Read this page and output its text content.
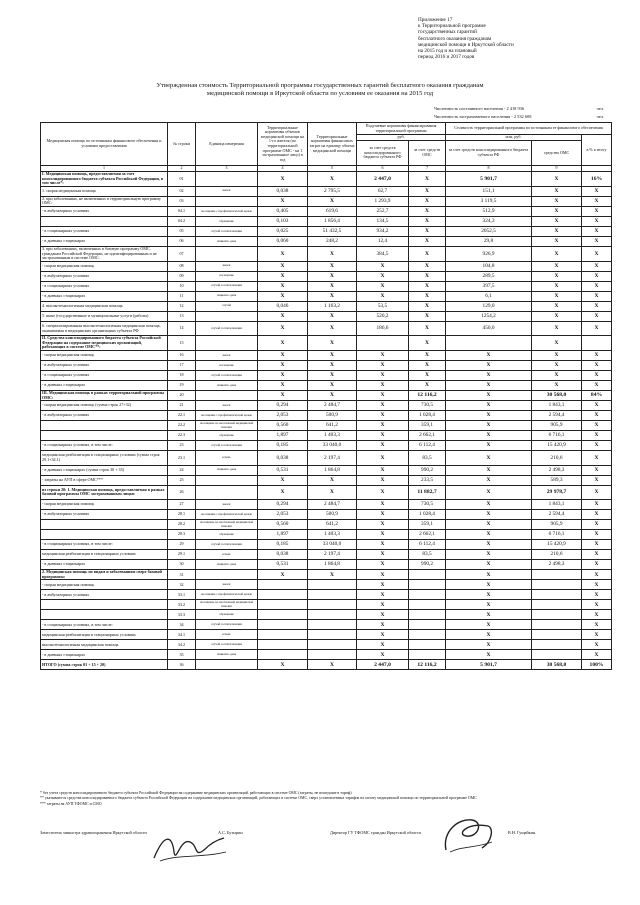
Приложение 17
к Территориальной программе
государственных гарантий
бесплатного оказания гражданам
медицинской помощи в Иркутской области
на 2015 год и на плановый
период 2016 и 2017 годов
Утвержденная стоимость Территориальной программы государственных гарантий бесплатного оказания гражданам
медицинской помощи в Иркутской области по условиям ее оказания на 2015 год
Численность постоянного населения - 2 418 936	чел.
Численность застрахованного населения - 2 532 608	чел.
Медицинская помощь по источникам финансового обеспечения и условиям предоставления	№ строки	Единица измерения	Территориальные нормативы объемов медицинской помощи на 1-го жителя (по территориальной программе ОМС - на 1 застрахованное лицо) в год	Территориальные нормативы финансовых затрат на единицу объема медицинской помощи	Подушевые нормативы финансирования территориальной программы		Стоимость территориальной программы по источникам ее финансового обеспечения		
					руб.		млн. руб.		в % к итогу
					за счет средств консолидированного бюджета субъекта РФ	за счет средств ОМС	за счет средств консолидированного бюджета субъекта РФ	средства ОМС	
1	2	3	4	5	6	7	8	9	
I. Медицинская помощь, предоставляемая за счет консолидированного бюджета субъекта Российской Федерации, в том числе*:	01		X	X	2 447,0	X	5 901,7	X	16%
1. скорая медицинская помощь	02	вызов	0,038	2 795,5	62,7	X	151,1	X	X
2. при заболеваниях, не включенных в территориальную программу ОМС:	03		X	X	1 293,9	X	3 119,5	X	X
- в амбулаторных условиях	04.1	посещение с профилактической целью	0,405	619,6	252,7	X	512,9	X	X
	04.2	обращение	0,103	1 856,4	134,5	X	324,3	X	X
- в стационарных условиях	05	случай госпитализации	0,025	51 432,5	934,2	X	2052,5	X	X
- в дневных стационарах	06	пациенто-день	0,060	248,2	12,4	X	29,8	X	X
3. при заболеваниях, включенных в базовую программу ОМС, гражданам Российской Федерации, не идентифицированным и не застрахованным в системе ОМС:	07		X	X	384,5	X	926,9	X	X
- скорая медицинская помощь	08	вызов	X	X	X	X	104,8	X	X
- в амбулаторных условиях	09	посещение	X	X	X	X	289,5	X	X
- в стационарных условиях	10	случай госпитализации	X	X	X	X	397,5	X	X
- в дневных стационарах	11	пациенто-день	X	X	X	X	6,1	X	X
4. высокотехнологичная медицинская помощь	12	случай	0,046	1 163,2	53,5	X	129,0	X	X
5. иные (государственные и муниципальные услуги (работы)	13		X	X	520,2	X	1254,2	X	X
6. специализированная высокотехнологичная медицинская помощь, оказываемая в медицинских организациях субъекта РФ	14	случай госпитализации	X	X	186,6	X	450,0	X	X
II. Средства консолидированного бюджета субъекта Российской Федерации на содержание медицинских организаций, работающих в системе ОМС**:	15		X	X		X		X	
- скорая медицинская помощь	16	вызов	X	X	X	X	X	X	X
- в амбулаторных условиях	17	посещение	X	X	X	X	X	X	X
- в стационарных условиях	18	случай госпитализации	X	X	X	X	X	X	X
- в дневных стационарах	19	пациенто-день	X	X	X	X	X	X	X
III. Медицинская помощь в рамках территориальной программы ОМС:	20		X	X	X	12 116,2	X	30 568,0	84%
- скорая медицинская помощь (сумма строк 27+32)	21	вызов	0,294	2 484,7	X	730,5	X	1 843,1	X
- в амбулаторных условиях	22.1	посещение с профилактической целью	2,053	500,9	X	1 028,4	X	2 594,4	X
	22.2	посещение по неотложной медицинской помощи	0,560	641,2	X	359,1	X	905,9	X
	22.3	обращение	1,897	1 403,3	X	2 662,1	X	6 716,1	X
- в стационарных условиях, в том числе:	23	случай госпитализации	0,185	33 040,0	X	6 112,4	X	15 420,9	X
медицинская реабилитация в стационарных условиях (сумма строк 29.1+34.1)	23.1	к/день	0,038	2 197,4	X	83,5	X	210,6	X
- в дневных стационарах (сумма строк 30 + 35)	24	пациенто-день	0,531	1 864,8	X	990,2	X	2 498,3	X
- затраты на АУП в сфере ОМС***	25		X	X	X	233,5	X	589,3	X
из строки 20: 1. Медицинская помощь, предоставляемая в рамках базовой программы ОМС застрахованным лицам	26		X	X	X	11 882,7	X	29 978,7	X
- скорая медицинская помощь	27	вызов	0,294	2 484,7	X	730,5	X	1 843,1	X
- в амбулаторных условиях	28.1	посещение с профилактической целью	2,053	500,9	X	1 028,4	X	2 594,4	X
	28.2	посещение по неотложной медицинской помощи	0,560	641,2	X	359,1	X	905,9	X
	28.3	обращение	1,897	1 403,3	X	2 662,1	X	6 716,1	X
- в стационарных условиях, в том числе:	29	случай госпитализации	0,185	33 040,0	X	6 112,4	X	15 420,9	X
медицинская реабилитация в стационарных условиях	29.1	к/день	0,038	2 197,4	X	83,5	X	210,6	X
- в дневных стационарах	30	пациенто-день	0,531	1 864,8	X	990,2	X	2 498,3	X
2. Медицинская помощь по видам и заболеваниям сверх базовой программы:	31		X	X	X		X		X
- скорая медицинская помощь	32	вызов			X		X		X
- в амбулаторных условиях	33.1	посещение с профилактической целью			X		X		X
	33.2	посещение по неотложной медицинской помощи			X		X		X
	33.3	обращение			X		X		X
- в стационарных условиях, в том числе:	34	случай госпитализации			X		X		X
медицинская реабилитация в стационарных условиях	34.1	к/день			X		X		X
высокотехнологичная медицинская помощь	34.2	случай госпитализации			X		X		X
- в дневных стационарах	35	пациенто-день			X		X		X
ИТОГО (сумма строк 01 + 15 + 20)	36		X	X	2 447,0	12 116,2	5 901,7	30 568,0	100%
* без учета средств консолидированного бюджета субъекта Российской Федерации на содержание медицинских организаций, работающих в системе ОМС (затраты, не вошедшие в тариф)
** указываются средства консолидированного бюджета субъекта Российской Федерации на содержание медицинских организаций, работающих в системе ОМС, сверх установленных тарифов на оплату медицинской помощи по территориальной программе ОМС
*** затраты на АУП ТФОМС и СМО
Заместитель министра здравоохранения Иркутской области	А.С. Бутырин	Директор ГУ ТФОМС граждан Иркутской области	В.Н. Гущайкин
